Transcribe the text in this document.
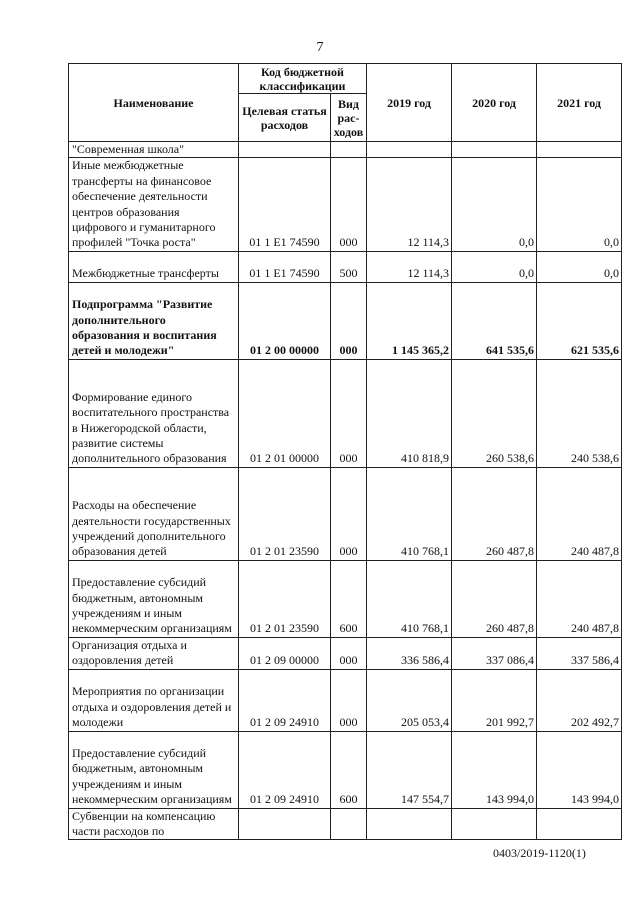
7
Наименование	Код бюджетной классификации		2019 год	2020 год	2021 год
	Целевая статья расходов	Вид рас-ходов			
"Современная школа"					
Иные межбюджетные трансферты на финансовое обеспечение деятельности центров образования цифрового и гуманитарного профилей "Точка роста"	01 1 E1 74590	000	12 114,3	0,0	0,0
Межбюджетные трансферты	01 1 E1 74590	500	12 114,3	0,0	0,0
Подпрограмма "Развитие дополнительного образования и воспитания детей и молодежи"	01 2 00 00000	000	1 145 365,2	641 535,6	621 535,6
Формирование единого воспитательного пространства в Нижегородской области, развитие системы дополнительного образования	01 2 01 00000	000	410 818,9	260 538,6	240 538,6
Расходы на обеспечение деятельности государственных учреждений дополнительного образования детей	01 2 01 23590	000	410 768,1	260 487,8	240 487,8
Предоставление субсидий бюджетным, автономным учреждениям и иным некоммерческим организациям	01 2 01 23590	600	410 768,1	260 487,8	240 487,8
Организация отдыха и оздоровления детей	01 2 09 00000	000	336 586,4	337 086,4	337 586,4
Мероприятия по организации отдыха и оздоровления детей и молодежи	01 2 09 24910	000	205 053,4	201 992,7	202 492,7
Предоставление субсидий бюджетным, автономным учреждениям и иным некоммерческим организациям	01 2 09 24910	600	147 554,7	143 994,0	143 994,0
Субвенции на компенсацию части расходов по					
0403/2019-1120(1)
